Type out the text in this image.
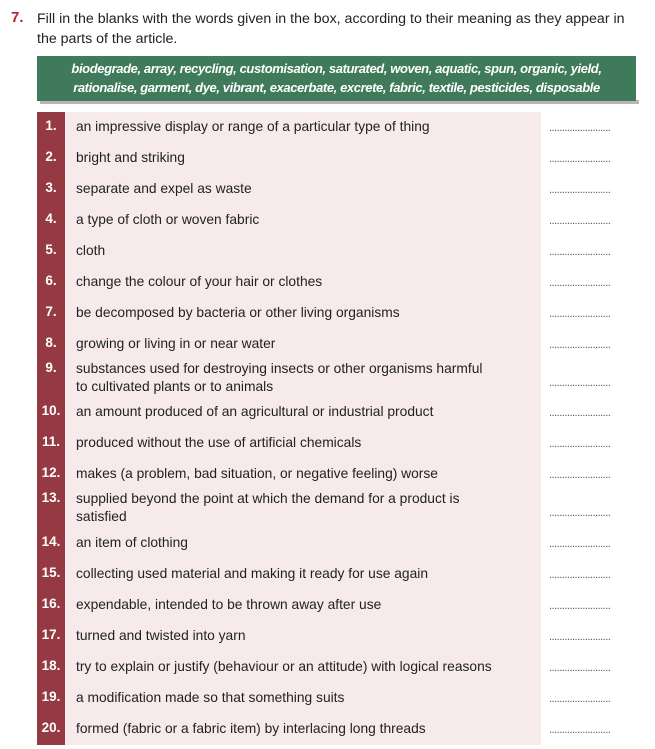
7. Fill in the blanks with the words given in the box, according to their meaning as they appear in the parts of the article.
biodegrade, array, recycling, customisation, saturated, woven, aquatic, spun, organic, yield,
rationalise, garment, dye, vibrant, exacerbate, excrete, fabric, textile, pesticides, disposable
1.	an impressive display or range of a particular type of thing	........................
2.	bright and striking	........................
3.	separate and expel as waste	........................
4.	a type of cloth or woven fabric	........................
5.	cloth	........................
6.	change the colour of your hair or clothes	........................
7.	be decomposed by bacteria or other living organisms	........................
8.	growing or living in or near water	........................
9.	substances used for destroying insects or other organisms harmful to cultivated plants or to animals	........................
10.	an amount produced of an agricultural or industrial product	........................
11.	produced without the use of artificial chemicals	........................
12.	makes (a problem, bad situation, or negative feeling) worse	........................
13.	supplied beyond the point at which the demand for a product is satisfied	........................
14.	an item of clothing	........................
15.	collecting used material and making it ready for use again	........................
16.	expendable, intended to be thrown away after use	........................
17.	turned and twisted into yarn	........................
18.	try to explain or justify (behaviour or an attitude) with logical reasons	........................
19.	a modification made so that something suits	........................
20.	formed (fabric or a fabric item) by interlacing long threads	........................
